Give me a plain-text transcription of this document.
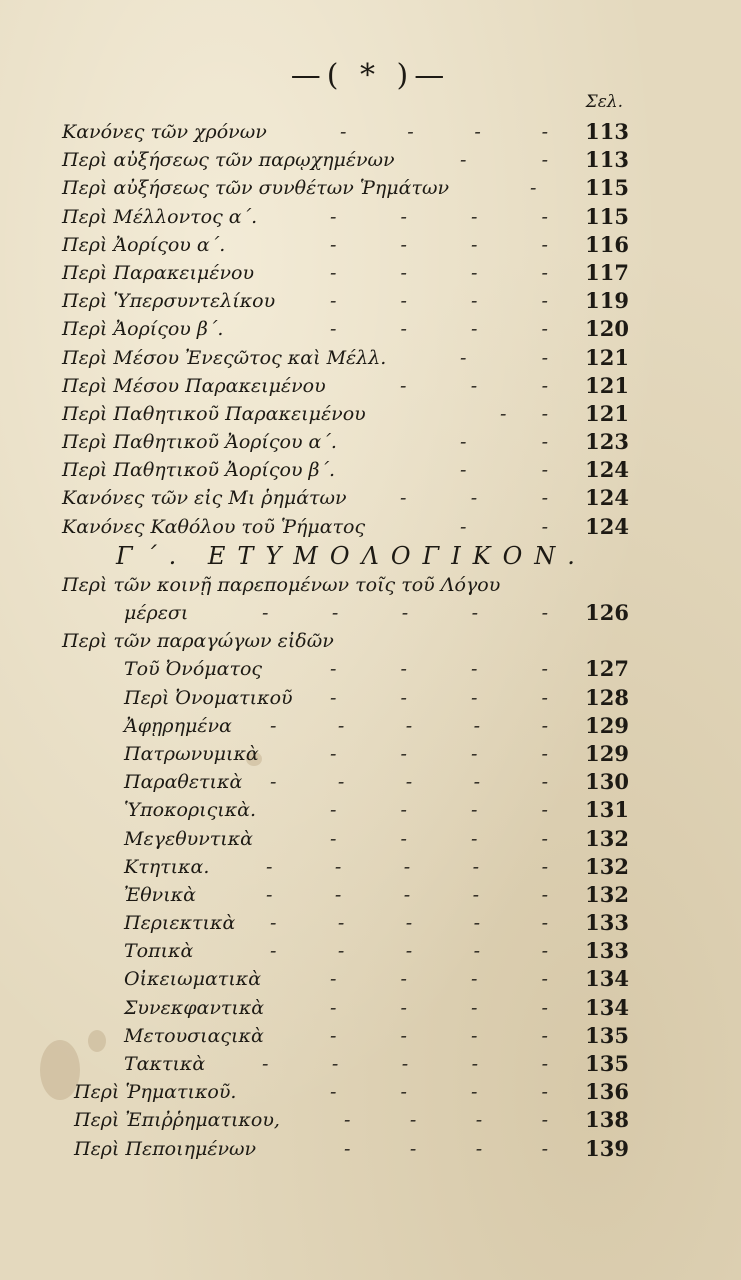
—( * )—
Σελ.
Κανόνες τῶν χρόνων	-	-	-	- 113
Περὶ αὐξήσεως τῶν παρῳχημένων	-	- 113
Περὶ αὐξήσεως τῶν συνθέτων Ῥημάτων	- 115
Περὶ Μέλλοντος α΄.	-	-	-	- 115
Περὶ Ἀορίςου α΄.	-	-	-	- 116
Περὶ Παρακειμένου	-	-	-	- 117
Περὶ Ὑπερσυντελίκου	-	-	-	- 119
Περὶ Ἀορίςου β΄.	-	-	-	- 120
Περὶ Μέσου Ἐνεςῶτος καὶ Μέλλ.	-	- 121
Περὶ Μέσου Παρακειμένου	-	-	- 121
Περὶ Παθητικοῦ Παρακειμένου	- - 121
Περὶ Παθητικοῦ Ἀορίςου α΄.	-	- 123
Περὶ Παθητικοῦ Ἀορίςου β΄.	-	- 124
Κανόνες τῶν εἰς Μι ῥημάτων	-	-	- 124
Κανόνες Καθόλου τοῦ Ῥήματος	-	- 124
Γ΄. ΕΤΥΜΟΛΟΓΙΚΟΝ.
Περὶ τῶν κοινῇ παρεπομένων τοῖς τοῦ Λόγου
μέρεσι	-	-	-	-	- 126
Περὶ τῶν παραγώγων εἰδῶν
Τοῦ Ὀνόματος	-	-	-	- 127
Περὶ Ὀνοματικοῦ -	-	-	- 128
Ἀφῃρημένα -	-	-	-	- 129
Πατρωνυμικὰ	-	-	-	- 129
Παραθετικὰ -	-	-	-	- 130
Ὑποκοριςικὰ.	-	-	-	- 131
Μεγεθυντικὰ	-	-	-	- 132
Κτητικα.	-	-	-	-	- 132
Ἐθνικὰ	-	-	-	-	- 132
Περιεκτικὰ -	-	-	-	- 133
Τοπικὰ	-	-	-	-	- 133
Οἰκειωματικὰ	-	-	-	- 134
Συνεκφαντικὰ	-	-	-	- 134
Μετουσιαςικὰ	-	-	-	- 135
Τακτικὰ	-	-	-	-	- 135
Περὶ Ῥηματικοῦ.	-	-	-	- 136
Περὶ Ἐπιῤῥηματικου,	-	-	-	- 138
Περὶ Πεποιημένων	-	-	-	- 139
